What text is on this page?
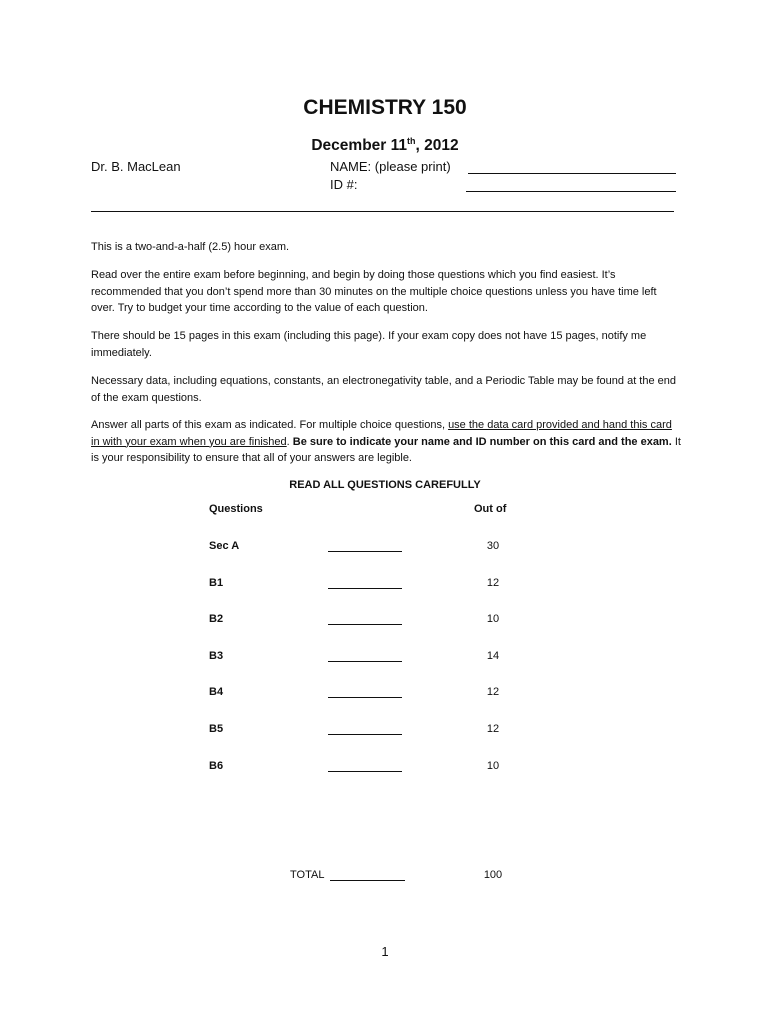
CHEMISTRY 150
December 11th, 2012
Dr. B. MacLean	NAME: (please print)
ID #:
This is a two-and-a-half (2.5) hour exam.
Read over the entire exam before beginning, and begin by doing those questions which you find easiest. It’s recommended that you don’t spend more than 30 minutes on the multiple choice questions unless you have time left over. Try to budget your time according to the value of each question.
There should be 15 pages in this exam (including this page). If your exam copy does not have 15 pages, notify me immediately.
Necessary data, including equations, constants, an electronegativity table, and a Periodic Table may be found at the end of the exam questions.
Answer all parts of this exam as indicated. For multiple choice questions, use the data card provided and hand this card in with your exam when you are finished. Be sure to indicate your name and ID number on this card and the exam. It is your responsibility to ensure that all of your answers are legible.
READ ALL QUESTIONS CAREFULLY
Questions	Out of
Sec A	30
B1	12
B2	10
B3	14
B4	12
B5	12
B6	10
TOTAL	100
1
